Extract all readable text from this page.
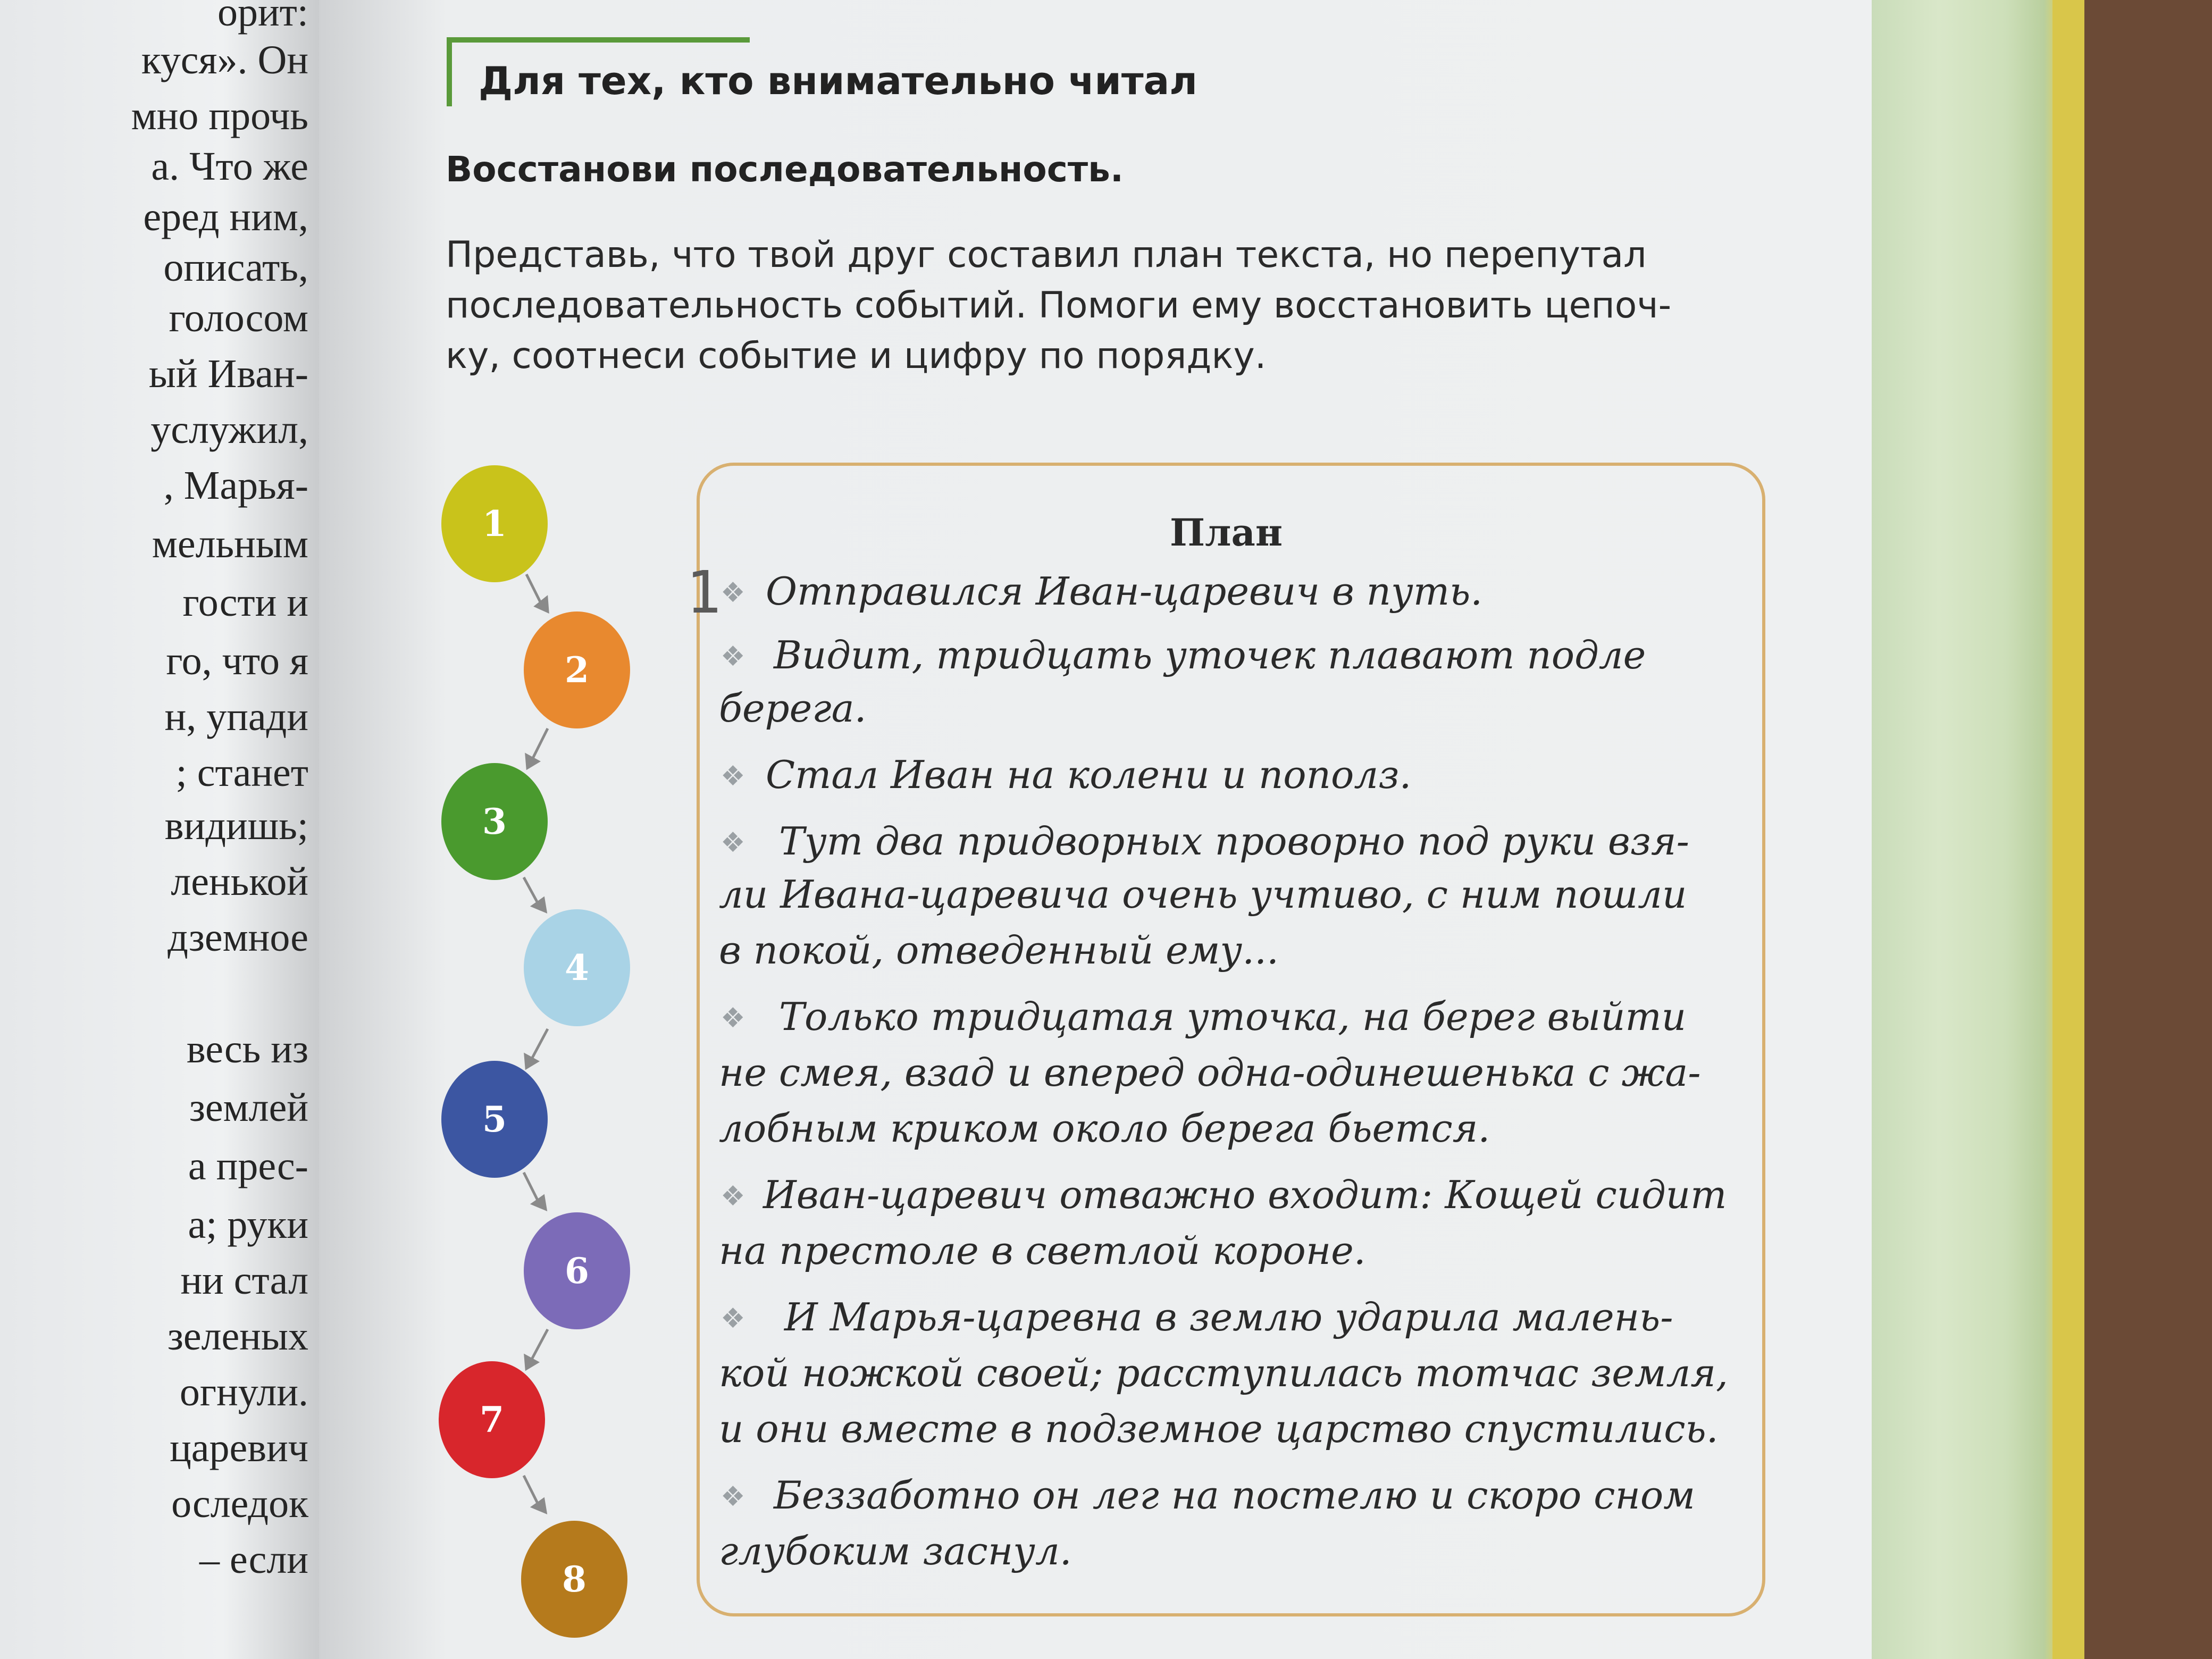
орит:

куся». Он

мно прочь

а. Что же

еред ним,

описать,

голосом

ый Иван-

услужил,

, Марья-

мельным

гости и

го, что я

н, упади

; станет

видишь;

ленькой

дземное

весь из

землей

а прес-

а; руки

ни стал

зеленых

огнули.

царевич

оследок

– если

Для тех, кто внимательно читал

Восстанови последовательность.

Представь, что твой друг составил план текста, но перепутал

последовательность событий. Помоги ему восстановить цепоч-

ку, соотнеси событие и цифру по порядку.

1
2
3
4
5
6
7
8

План

1

❖ Отправился Иван-царевич в путь.

❖ Видит, тридцать уточек плавают подле

берега.

❖ Стал Иван на колени и пополз.

❖ Тут два придворных проворно под руки взя-

ли Ивана-царевича очень учтиво, с ним пошли

в покой, отведенный ему...

❖ Только тридцатая уточка, на берег выйти

не смея, взад и вперед одна-одинешенька с жа-

лобным криком около берега бьется.

❖ Иван-царевич отважно входит: Кощей сидит

на престоле в светлой короне.

❖ И Марья-царевна в землю ударила малень-

кой ножкой своей; расступилась тотчас земля,

и они вместе в подземное царство спустились.

❖ Беззаботно он лег на постелю и скоро сном

глубоким заснул.
